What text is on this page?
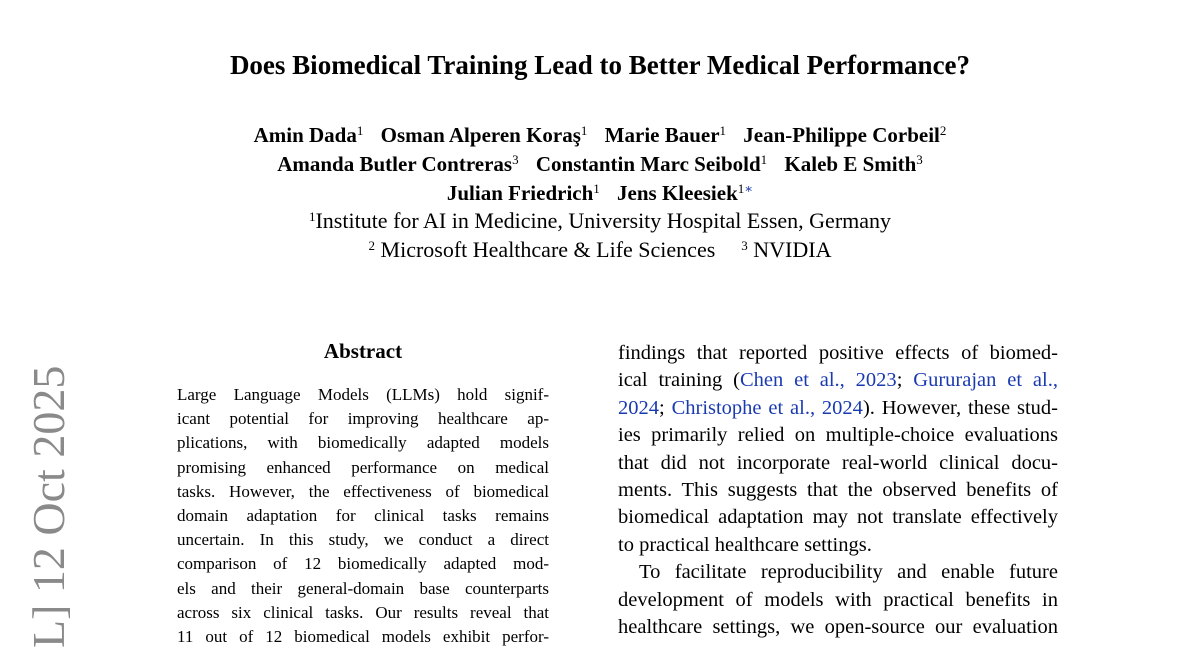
Does Biomedical Training Lead to Better Medical Performance?
Amin Dada$^1$ Osman Alperen Koraş$^1$ Marie Bauer$^1$ Jean-Philippe Corbeil$^2$
Amanda Butler Contreras$^3$ Constantin Marc Seibold$^1$ Kaleb E Smith$^3$
Julian Friedrich$^1$ Jens Kleesiek$^{1∗}$
$^1$Institute for AI in Medicine, University Hospital Essen, Germany
$^2$ Microsoft Healthcare & Life Sciences $^3$ NVIDIA
Abstract
Large Language Models (LLMs) hold signif-
icant potential for improving healthcare ap-
plications, with biomedically adapted models
promising enhanced performance on medical
tasks. However, the effectiveness of biomedical
domain adaptation for clinical tasks remains
uncertain. In this study, we conduct a direct
comparison of 12 biomedically adapted mod-
els and their general-domain base counterparts
across six clinical tasks. Our results reveal that
11 out of 12 biomedical models exhibit perfor-
findings that reported positive effects of biomed-
ical training (Chen et al., 2023; Gururajan et al.,
2024; Christophe et al., 2024). However, these stud-
ies primarily relied on multiple-choice evaluations
that did not incorporate real-world clinical docu-
ments. This suggests that the observed benefits of
biomedical adaptation may not translate effectively
to practical healthcare settings.
To facilitate reproducibility and enable future
development of models with practical benefits in
healthcare settings, we open-source our evaluation
L] 12 Oct 2025
